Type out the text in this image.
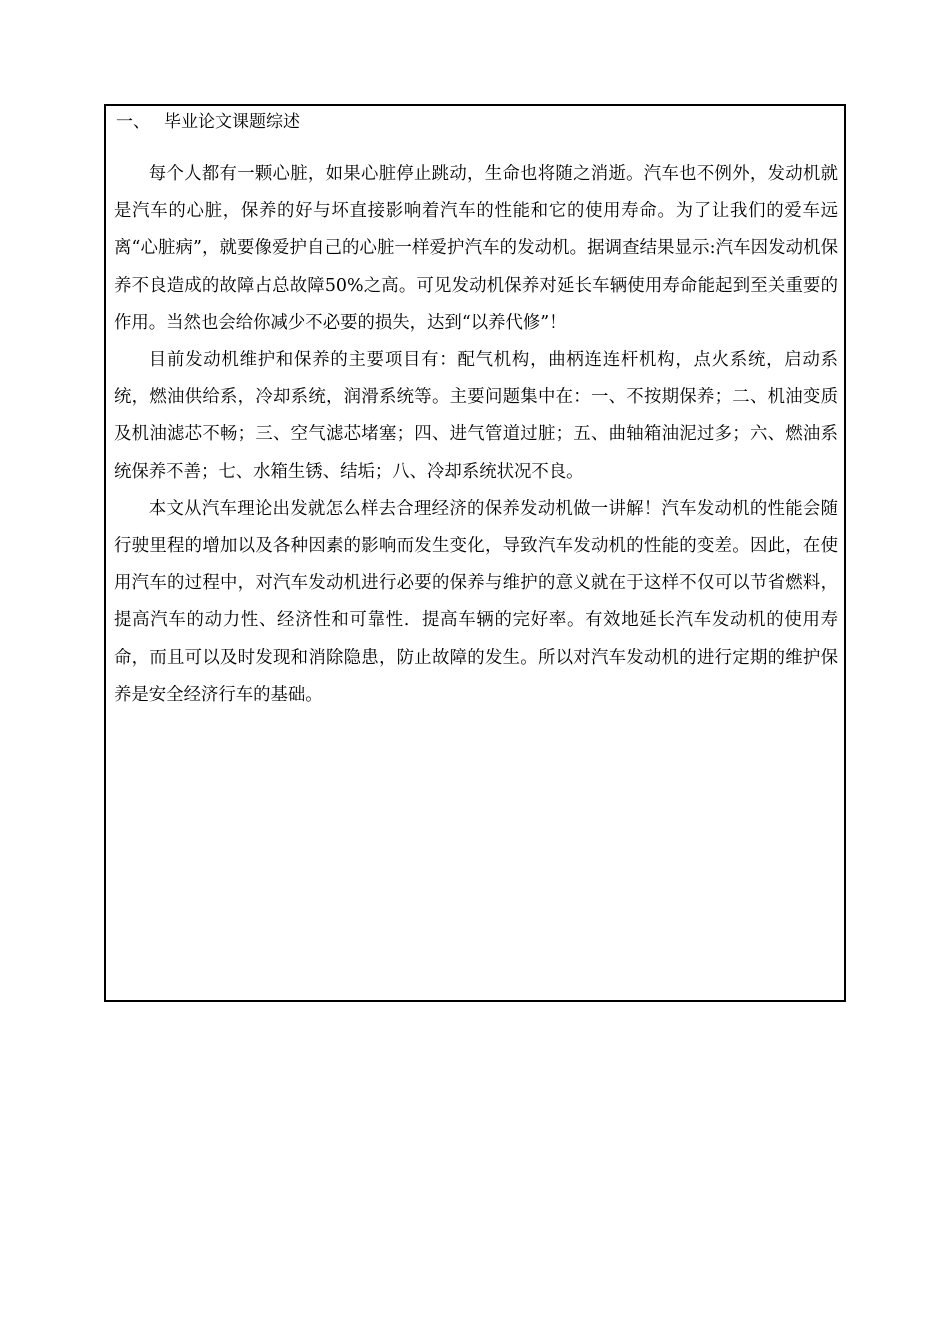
一、 毕业论文课题综述

每个人都有一颗心脏，如果心脏停止跳动，生命也将随之消逝。汽车也不例外，发动机就是汽车的心脏，保养的好与坏直接影响着汽车的性能和它的使用寿命。为了让我们的爱车远离“心脏病”，就要像爱护自己的心脏一样爱护汽车的发动机。据调查结果显示:汽车因发动机保养不良造成的故障占总故障50%之高。可见发动机保养对延长车辆使用寿命能起到至关重要的作用。当然也会给你减少不必要的损失，达到“以养代修”！

目前发动机维护和保养的主要项目有：配气机构，曲柄连连杆机构，点火系统，启动系统，燃油供给系，冷却系统，润滑系统等。主要问题集中在：一、不按期保养；二、机油变质及机油滤芯不畅；三、空气滤芯堵塞；四、进气管道过脏；五、曲轴箱油泥过多；六、燃油系统保养不善；七、水箱生锈、结垢；八、冷却系统状况不良。

本文从汽车理论出发就怎么样去合理经济的保养发动机做一讲解！汽车发动机的性能会随行驶里程的增加以及各种因素的影响而发生变化，导致汽车发动机的性能的变差。因此，在使用汽车的过程中，对汽车发动机进行必要的保养与维护的意义就在于这样不仅可以节省燃料，提高汽车的动力性、经济性和可靠性．提高车辆的完好率。有效地延长汽车发动机的使用寿命，而且可以及时发现和消除隐患，防止故障的发生。所以对汽车发动机的进行定期的维护保养是安全经济行车的基础。
